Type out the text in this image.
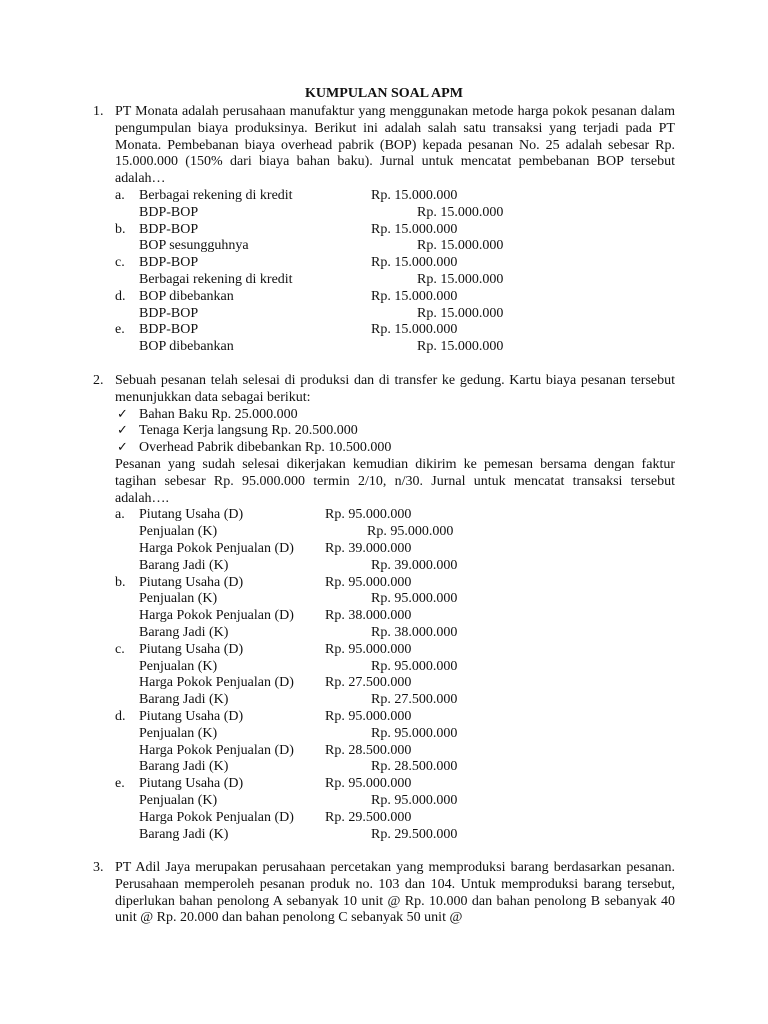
KUMPULAN SOAL APM
1. PT Monata adalah perusahaan manufaktur yang menggunakan metode harga pokok pesanan dalam pengumpulan biaya produksinya. Berikut ini adalah salah satu transaksi yang terjadi pada PT Monata. Pembebanan biaya overhead pabrik (BOP) kepada pesanan No. 25 adalah sebesar Rp. 15.000.000 (150% dari biaya bahan baku). Jurnal untuk mencatat pembebanan BOP tersebut adalah…
a.	Berbagai rekening di kredit	Rp. 15.000.000
BDP-BOP	Rp. 15.000.000
b. BDP-BOP	Rp. 15.000.000
BOP sesungguhnya	Rp. 15.000.000
c.	BDP-BOP	Rp. 15.000.000
Berbagai rekening di kredit	Rp. 15.000.000
d. BOP dibebankan	Rp. 15.000.000
BDP-BOP	Rp. 15.000.000
e.	BDP-BOP	Rp. 15.000.000
BOP dibebankan	Rp. 15.000.000
2. Sebuah pesanan telah selesai di produksi dan di transfer ke gedung. Kartu biaya pesanan tersebut menunjukkan data sebagai berikut:
✓ Bahan Baku Rp. 25.000.000
✓ Tenaga Kerja langsung Rp. 20.500.000
✓ Overhead Pabrik dibebankan Rp. 10.500.000
Pesanan yang sudah selesai dikerjakan kemudian dikirim ke pemesan bersama dengan faktur tagihan sebesar Rp. 95.000.000 termin 2/10, n/30. Jurnal untuk mencatat transaksi tersebut adalah….
a.	Piutang Usaha (D)	Rp. 95.000.000
Penjualan (K)	Rp. 95.000.000
Harga Pokok Penjualan (D) Rp. 39.000.000
Barang Jadi (K)	Rp. 39.000.000
b. Piutang Usaha (D)	Rp. 95.000.000
Penjualan (K)	Rp. 95.000.000
Harga Pokok Penjualan (D) Rp. 38.000.000
Barang Jadi (K)	Rp. 38.000.000
c.	Piutang Usaha (D)	Rp. 95.000.000
Penjualan (K)	Rp. 95.000.000
Harga Pokok Penjualan (D) Rp. 27.500.000
Barang Jadi (K)	Rp. 27.500.000
d. Piutang Usaha (D)	Rp. 95.000.000
Penjualan (K)	Rp. 95.000.000
Harga Pokok Penjualan (D) Rp. 28.500.000
Barang Jadi (K)	Rp. 28.500.000
e.	Piutang Usaha (D)	Rp. 95.000.000
Penjualan (K)	Rp. 95.000.000
Harga Pokok Penjualan (D) Rp. 29.500.000
Barang Jadi (K)	Rp. 29.500.000
3. PT Adil Jaya merupakan perusahaan percetakan yang memproduksi barang berdasarkan pesanan. Perusahaan memperoleh pesanan produk no. 103 dan 104. Untuk memproduksi barang tersebut, diperlukan bahan penolong A sebanyak 10 unit @ Rp. 10.000 dan bahan penolong B sebanyak 40 unit @ Rp. 20.000 dan bahan penolong C sebanyak 50 unit @
